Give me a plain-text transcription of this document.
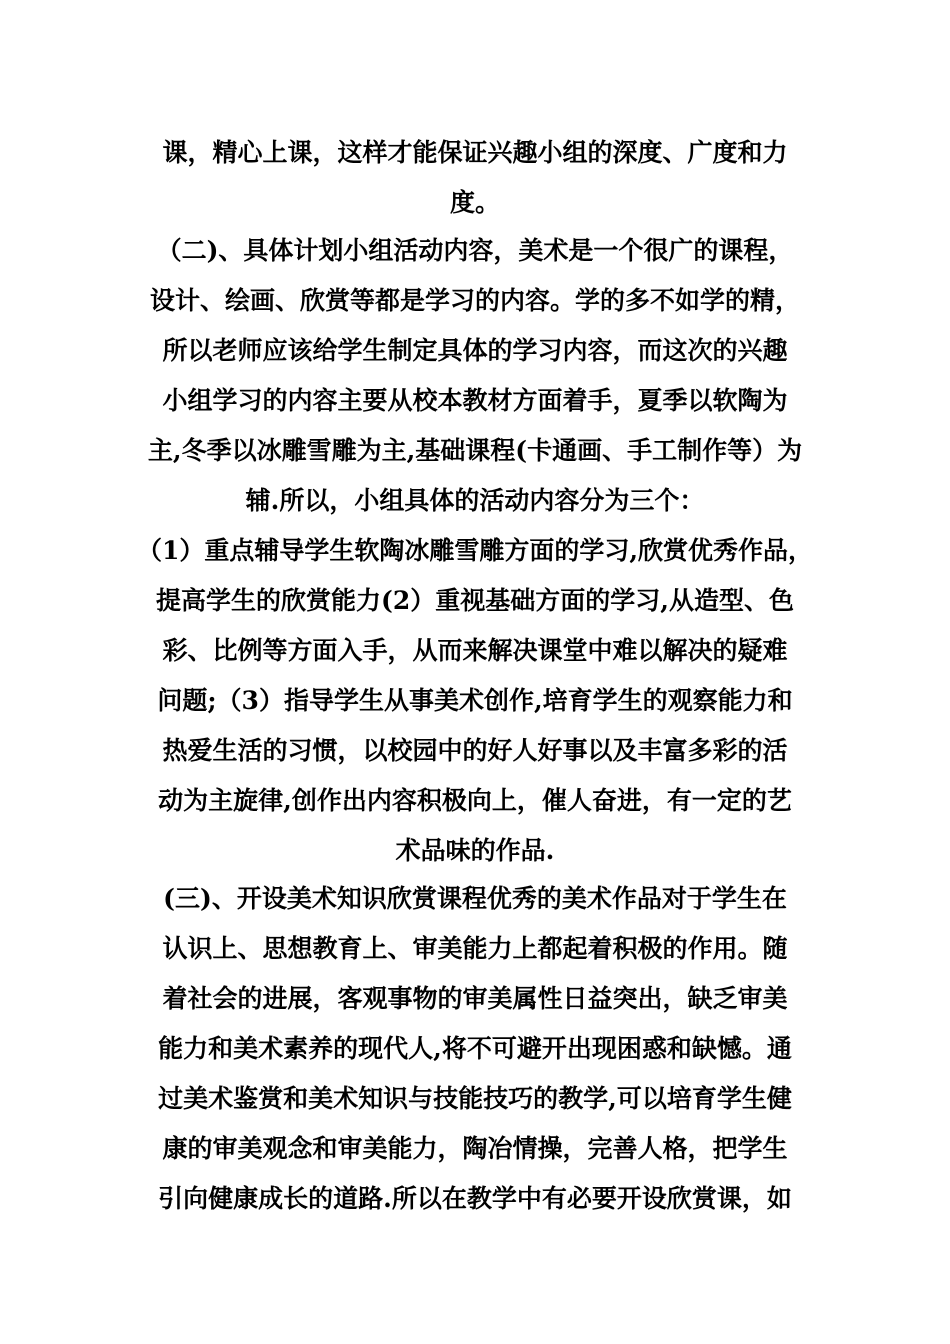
课，精心上课，这样才能保证兴趣小组的深度、广度和力
度。
（二)、具体计划小组活动内容，美术是一个很广的课程，
设计、绘画、欣赏等都是学习的内容。学的多不如学的精，
所以老师应该给学生制定具体的学习内容，而这次的兴趣
小组学习的内容主要从校本教材方面着手，夏季以软陶为
主,冬季以冰雕雪雕为主,基础课程(卡通画、手工制作等）为
辅.所以，小组具体的活动内容分为三个：
（1）重点辅导学生软陶冰雕雪雕方面的学习,欣赏优秀作品，
提高学生的欣赏能力(2）重视基础方面的学习,从造型、色
彩、比例等方面入手，从而来解决课堂中难以解决的疑难
问题;（3）指导学生从事美术创作,培育学生的观察能力和
热爱生活的习惯，以校园中的好人好事以及丰富多彩的活
动为主旋律,创作出内容积极向上，催人奋进，有一定的艺
术品味的作品.
(三)、开设美术知识欣赏课程优秀的美术作品对于学生在
认识上、思想教育上、审美能力上都起着积极的作用。随
着社会的进展，客观事物的审美属性日益突出，缺乏审美
能力和美术素养的现代人,将不可避开出现困惑和缺憾。通
过美术鉴赏和美术知识与技能技巧的教学,可以培育学生健
康的审美观念和审美能力，陶冶情操，完善人格，把学生
引向健康成长的道路.所以在教学中有必要开设欣赏课，如
